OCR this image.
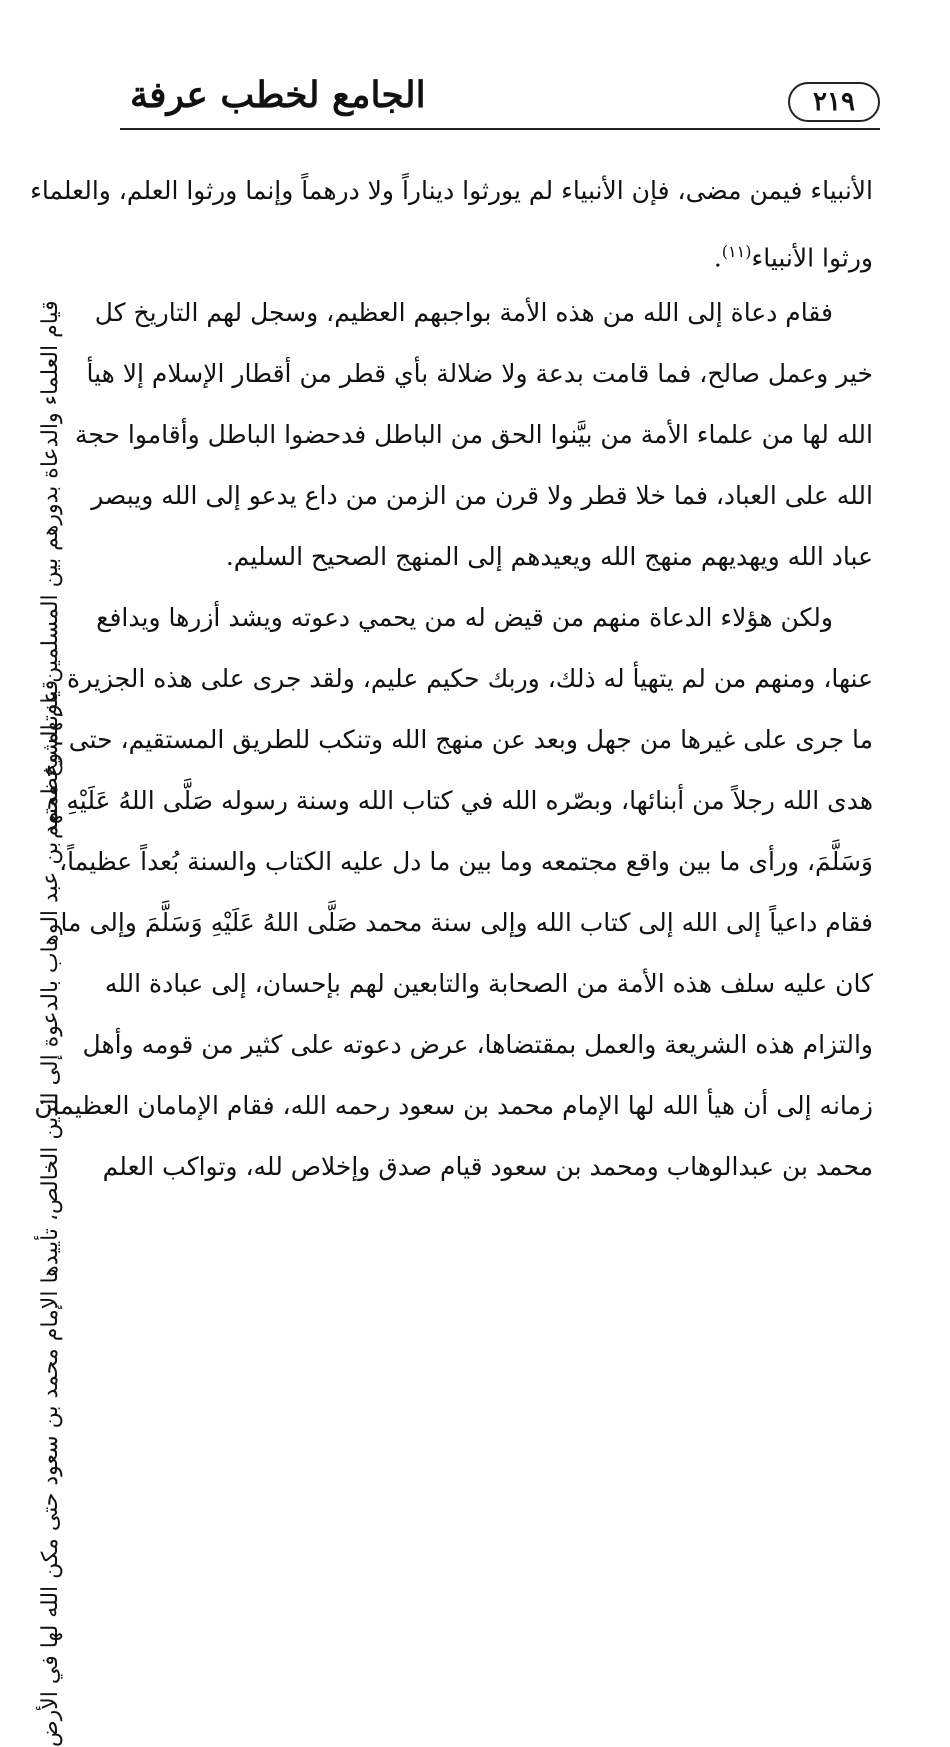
الجامع لخطب عرفة	٢١٩
الأنبياء فيمن مضى، فإن الأنبياء لم يورثوا ديناراً ولا درهماً وإنما ورثوا العلم، والعلماء
ورثوا الأنبياء$^{(١١)}$.
فقام دعاة إلى الله من هذه الأمة بواجبهم العظيم، وسجل لهم التاريخ كل
خير وعمل صالح، فما قامت بدعة ولا ضلالة بأي قطر من أقطار الإسلام إلا هيأ
الله لها من علماء الأمة من بيَّنوا الحق من الباطل فدحضوا الباطل وأقاموا حجة
الله على العباد، فما خلا قطر ولا قرن من الزمن من داع يدعو إلى الله ويبصر
عباد الله ويهديهم منهج الله ويعيدهم إلى المنهج الصحيح السليم.
ولكن هؤلاء الدعاة منهم من قيض له من يحمي دعوته ويشد أزرها ويدافع
عنها، ومنهم من لم يتهيأ له ذلك، وربك حكيم عليم، ولقد جرى على هذه الجزيرة
ما جرى على غيرها من جهل وبعد عن منهج الله وتنكب للطريق المستقيم، حتى
هدى الله رجلاً من أبنائها، وبصّره الله في كتاب الله وسنة رسوله صَلَّى اللهُ عَلَيْهِ
وَسَلَّمَ، ورأى ما بين واقع مجتمعه وما بين ما دل عليه الكتاب والسنة بُعداً عظيماً،
فقام داعياً إلى الله إلى كتاب الله وإلى سنة محمد صَلَّى اللهُ عَلَيْهِ وَسَلَّمَ وإلى ما
كان عليه سلف هذه الأمة من الصحابة والتابعين لهم بإحسان، إلى عبادة الله
والتزام هذه الشريعة والعمل بمقتضاها، عرض دعوته على كثير من قومه وأهل
زمانه إلى أن هيأ الله لها الإمام محمد بن سعود رحمه الله، فقام الإمامان العظيمان
محمد بن عبدالوهاب ومحمد بن سعود قيام صدق وإخلاص لله، وتواكب العلم
قيام العلماء والدعاة بدورهم بين المسلمين عزتهم وعظمتهم
قيام الشيخ محمد بن عبد الوهاب بالدعوة إلى الدين الخالص، تأييدها الإمام محمد بن سعود حتى مكن الله لها في الأرض
